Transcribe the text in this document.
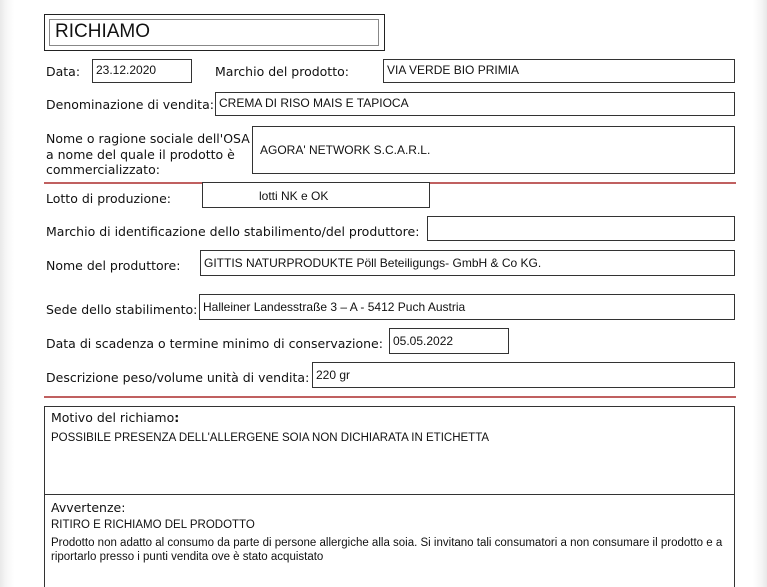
RICHIAMO
Data:	23.12.2020	Marchio del prodotto:	VIA VERDE BIO PRIMIA
Denominazione di vendita: CREMA DI RISO MAIS E TAPIOCA
Nome o ragione sociale dell'OSA
a nome del quale il prodotto è
commercializzato:
AGORA' NETWORK S.C.A.R.L.
Lotto di produzione:	lotti NK e OK
Marchio di identificazione dello stabilimento/del produttore:
Nome del produttore:	GITTIS NATURPRODUKTE Pöll Beteiligungs- GmbH & Co KG.
Sede dello stabilimento: Halleiner Landesstraße 3 – A - 5412 Puch Austria
Data di scadenza o termine minimo di conservazione: 05.05.2022
Descrizione peso/volume unità di vendita: 220 gr
Motivo del richiamo:
POSSIBILE PRESENZA DELL'ALLERGENE SOIA NON DICHIARATA IN ETICHETTA
Avvertenze:
RITIRO E RICHIAMO DEL PRODOTTO
Prodotto non adatto al consumo da parte di persone allergiche alla soia. Si invitano tali consumatori a non consumare il prodotto e a riportarlo presso i punti vendita ove è stato acquistato
